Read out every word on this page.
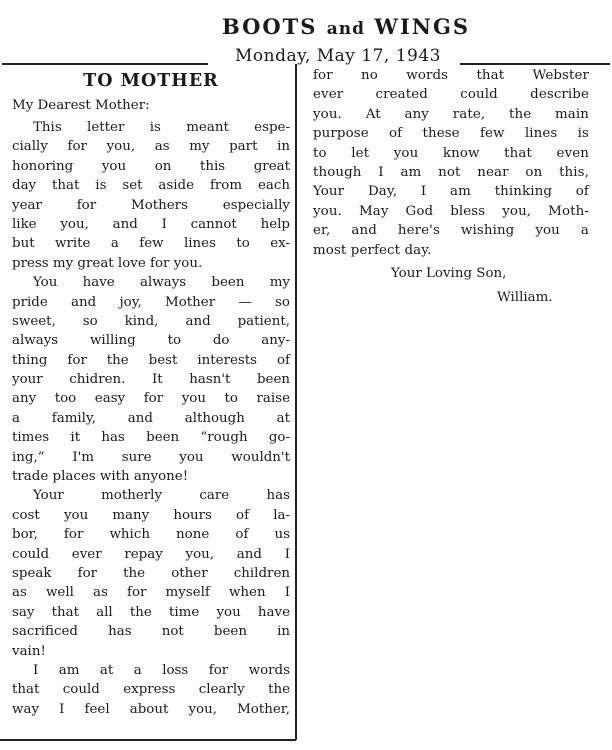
BOOTS and WINGS
Monday, May 17, 1943
TO MOTHER
My Dearest Mother:
This letter is meant espe-
cially for you, as my part in
honoring you on this great
day that is set aside from each
year for Mothers especially
like you, and I cannot help
but write a few lines to ex-
press my great love for you.
You have always been my
pride and joy, Mother — so
sweet, so kind, and patient,
always willing to do any-
thing for the best interests of
your chidren. It hasn't been
any too easy for you to raise
a family, and although at
times it has been “rough go-
ing,” I'm sure you wouldn't
trade places with anyone!
Your motherly care has
cost you many hours of la-
bor, for which none of us
could ever repay you, and I
speak for the other children
as well as for myself when I
say that all the time you have
sacrificed has not been in
vain!
I am at a loss for words
that could express clearly the
way I feel about you, Mother,
for no words that Webster
ever created could describe
you. At any rate, the main
purpose of these few lines is
to let you know that even
though I am not near on this,
Your Day, I am thinking of
you. May God bless you, Moth-
er, and here's wishing you a
most perfect day.
Your Loving Son,
William.
